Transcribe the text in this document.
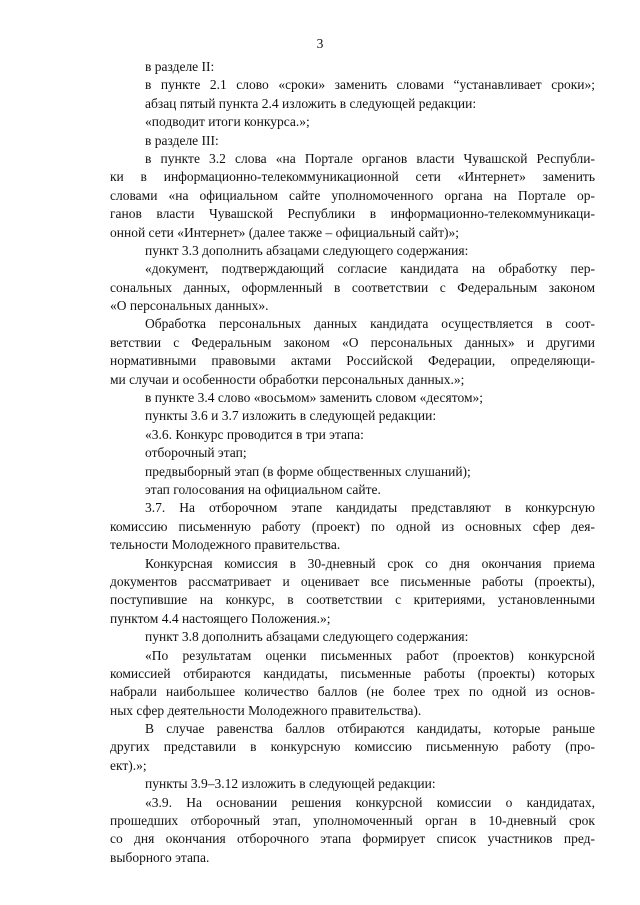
3
в разделе II:
в пункте 2.1 слово «сроки» заменить словами “устанавливает сроки»;
абзац пятый пункта 2.4 изложить в следующей редакции:
«подводит итоги конкурса.»;
в разделе III:
в пункте 3.2 слова «на Портале органов власти Чувашской Республи-
ки в информационно-телекоммуникационной сети «Интернет» заменить
словами «на официальном сайте уполномоченного органа на Портале ор-
ганов власти Чувашской Республики в информационно-телекоммуникаци-
онной сети «Интернет» (далее также – официальный сайт)»;
пункт 3.3 дополнить абзацами следующего содержания:
«документ, подтверждающий согласие кандидата на обработку пер-
сональных данных, оформленный в соответствии с Федеральным законом
«О персональных данных».
Обработка персональных данных кандидата осуществляется в соот-
ветствии с Федеральным законом «О персональных данных» и другими
нормативными правовыми актами Российской Федерации, определяющи-
ми случаи и особенности обработки персональных данных.»;
в пункте 3.4 слово «восьмом» заменить словом «десятом»;
пункты 3.6 и 3.7 изложить в следующей редакции:
«3.6. Конкурс проводится в три этапа:
отборочный этап;
предвыборный этап (в форме общественных слушаний);
этап голосования на официальном сайте.
3.7. На отборочном этапе кандидаты представляют в конкурсную
комиссию письменную работу (проект) по одной из основных сфер дея-
тельности Молодежного правительства.
Конкурсная комиссия в 30-дневный срок со дня окончания приема
документов рассматривает и оценивает все письменные работы (проекты),
поступившие на конкурс, в соответствии с критериями, установленными
пунктом 4.4 настоящего Положения.»;
пункт 3.8 дополнить абзацами следующего содержания:
«По результатам оценки письменных работ (проектов) конкурсной
комиссией отбираются кандидаты, письменные работы (проекты) которых
набрали наибольшее количество баллов (не более трех по одной из основ-
ных сфер деятельности Молодежного правительства).
В случае равенства баллов отбираются кандидаты, которые раньше
других представили в конкурсную комиссию письменную работу (про-
ект).»;
пункты 3.9–3.12 изложить в следующей редакции:
«3.9. На основании решения конкурсной комиссии о кандидатах,
прошедших отборочный этап, уполномоченный орган в 10-дневный срок
со дня окончания отборочного этапа формирует список участников пред-
выборного этапа.
